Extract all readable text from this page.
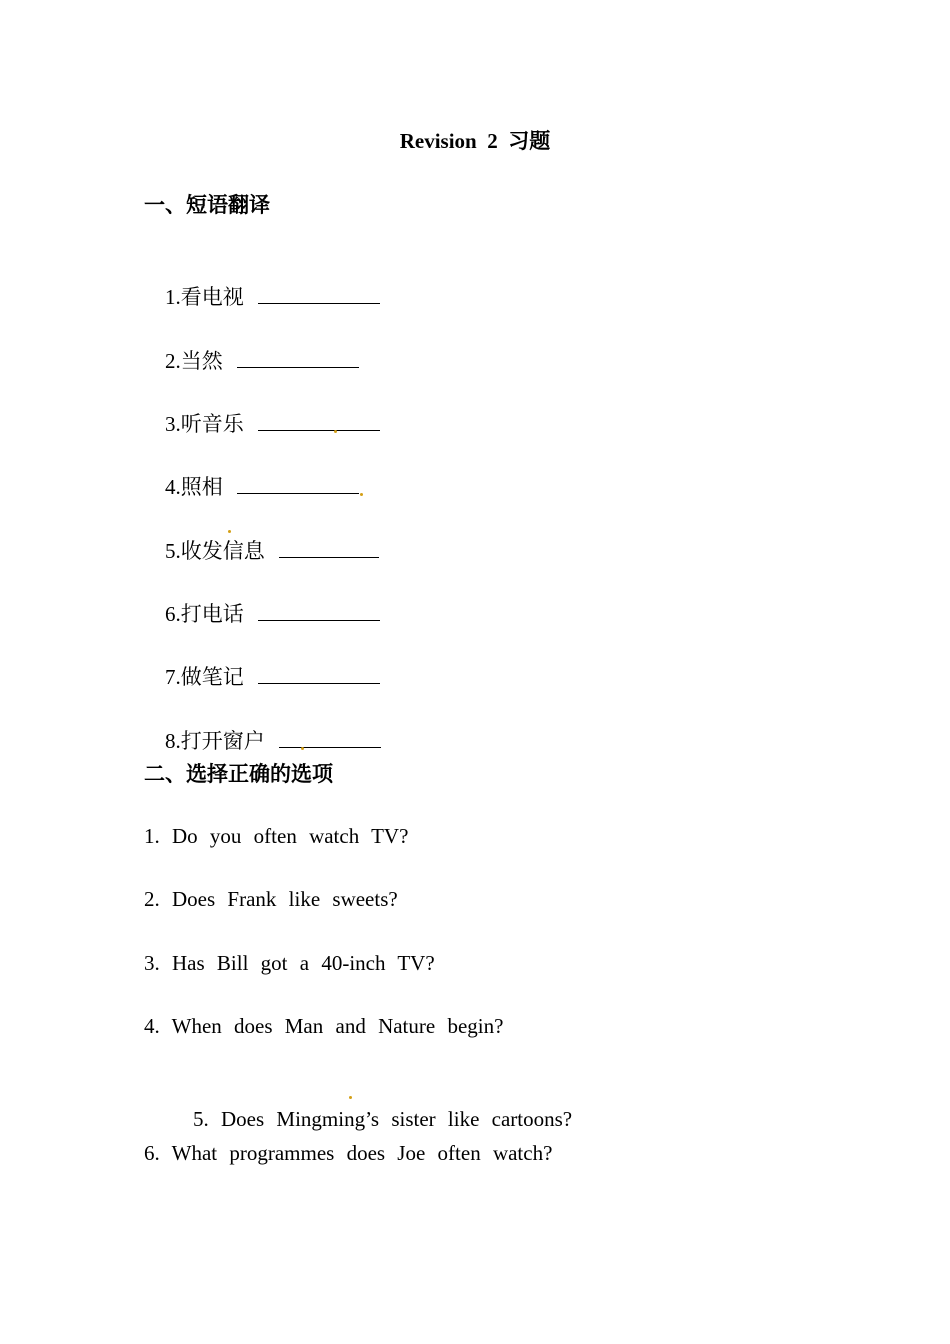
Revision  2  习题
一、短语翻译

1.看电视

2.当然

3.听音乐

4.照相

5.收发信息

6.打电话

7.做笔记

8.打开窗户

二、选择正确的选项
1. Do you often watch TV?
2. Does Frank like sweets?
3. Has Bill got a 40-inch TV?
4. When does Man and Nature begin?

5. Does Mingming’s sister like cartoons?

6. What programmes does Joe often watch?
